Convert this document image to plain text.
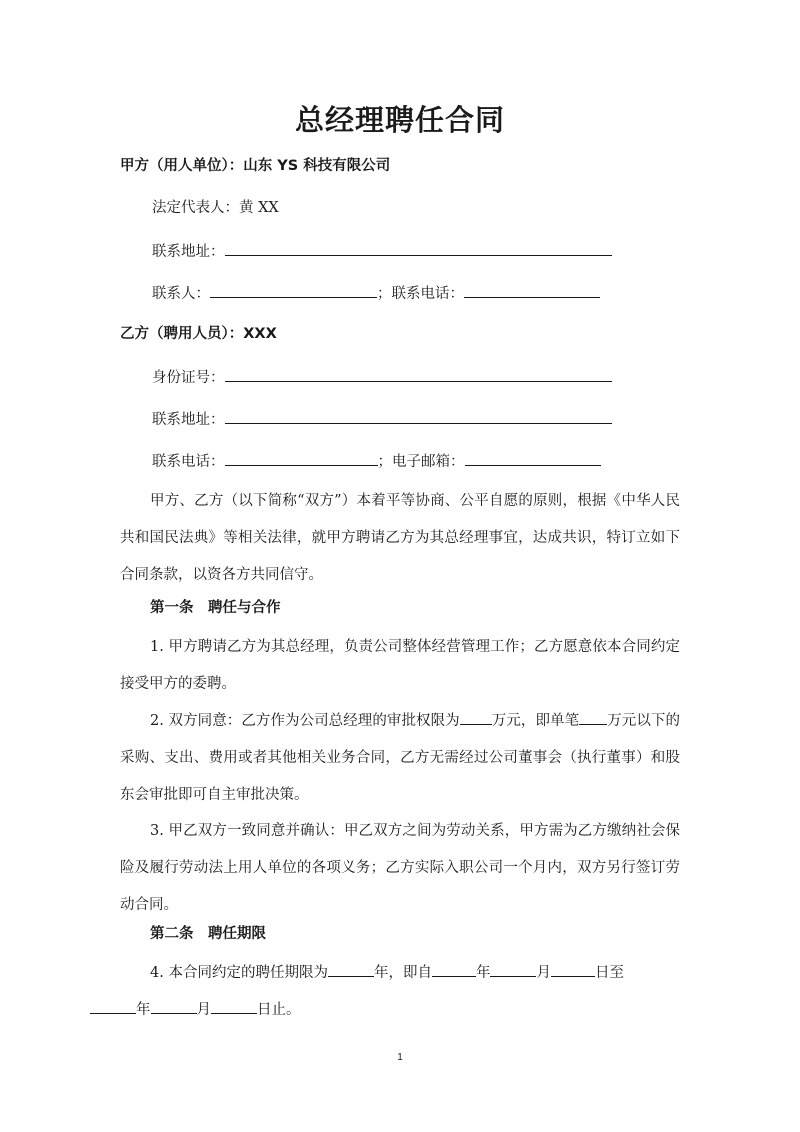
总经理聘任合同
甲方（用人单位）：山东 YS 科技有限公司
法定代表人：黄 XX
联系地址：
联系人：	；联系电话：
乙方（聘用人员）：XXX
身份证号：
联系地址：
联系电话：	；电子邮箱：
甲方、乙方（以下简称“双方”）本着平等协商、公平自愿的原则，根据《中华人民共和国民法典》等相关法律，就甲方聘请乙方为其总经理事宜，达成共识，特订立如下合同条款，以资各方共同信守。
第一条　聘任与合作
1. 甲方聘请乙方为其总经理，负责公司整体经营管理工作；乙方愿意依本合同约定接受甲方的委聘。
2. 双方同意：乙方作为公司总经理的审批权限为 万元，即单笔 万元以下的采购、支出、费用或者其他相关业务合同，乙方无需经过公司董事会（执行董事）和股东会审批即可自主审批决策。
3. 甲乙双方一致同意并确认：甲乙双方之间为劳动关系，甲方需为乙方缴纳社会保险及履行劳动法上用人单位的各项义务；乙方实际入职公司一个月内，双方另行签订劳动合同。
第二条　聘任期限
4. 本合同约定的聘任期限为	年，即自	年	月	日至
年	月	日止。
1
